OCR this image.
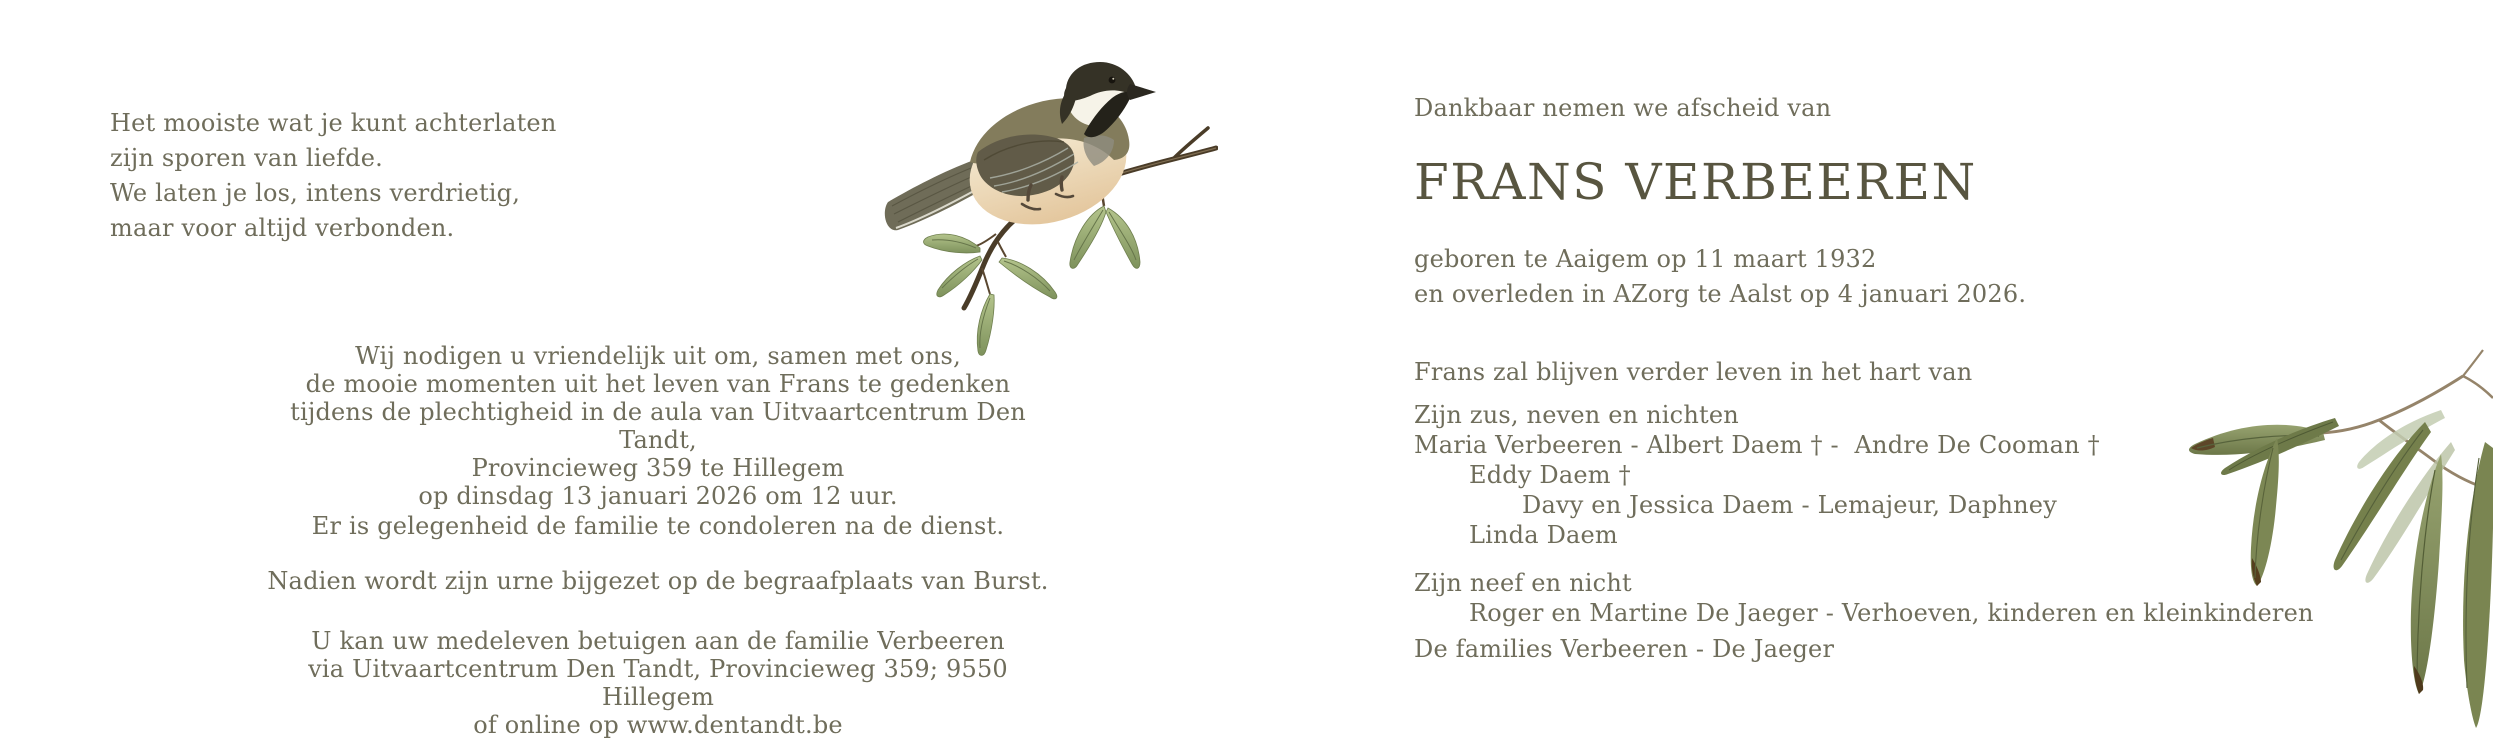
Het mooiste wat je kunt achterlaten
zijn sporen van liefde.
We laten je los, intens verdrietig,
maar voor altijd verbonden.
Wij nodigen u vriendelijk uit om, samen met ons,
de mooie momenten uit het leven van Frans te gedenken
tijdens de plechtigheid in de aula van Uitvaartcentrum Den Tandt,
Provincieweg 359 te Hillegem
op dinsdag 13 januari 2026 om 12 uur.
Er is gelegenheid de familie te condoleren na de dienst.
Nadien wordt zijn urne bijgezet op de begraafplaats van Burst.
U kan uw medeleven betuigen aan de familie Verbeeren
via Uitvaartcentrum Den Tandt, Provincieweg 359; 9550 Hillegem
of online op www.dentandt.be
Dankbaar nemen we afscheid van
FRANS VERBEEREN
geboren te Aaigem op 11 maart 1932
en overleden in AZorg te Aalst op 4 januari 2026.
Frans zal blijven verder leven in het hart van
Zijn zus, neven en nichten
Maria Verbeeren - Albert Daem † -  Andre De Cooman †
Eddy Daem †
Davy en Jessica Daem - Lemajeur, Daphney
Linda Daem
Zijn neef en nicht
Roger en Martine De Jaeger - Verhoeven, kinderen en kleinkinderen
De families Verbeeren - De Jaeger
